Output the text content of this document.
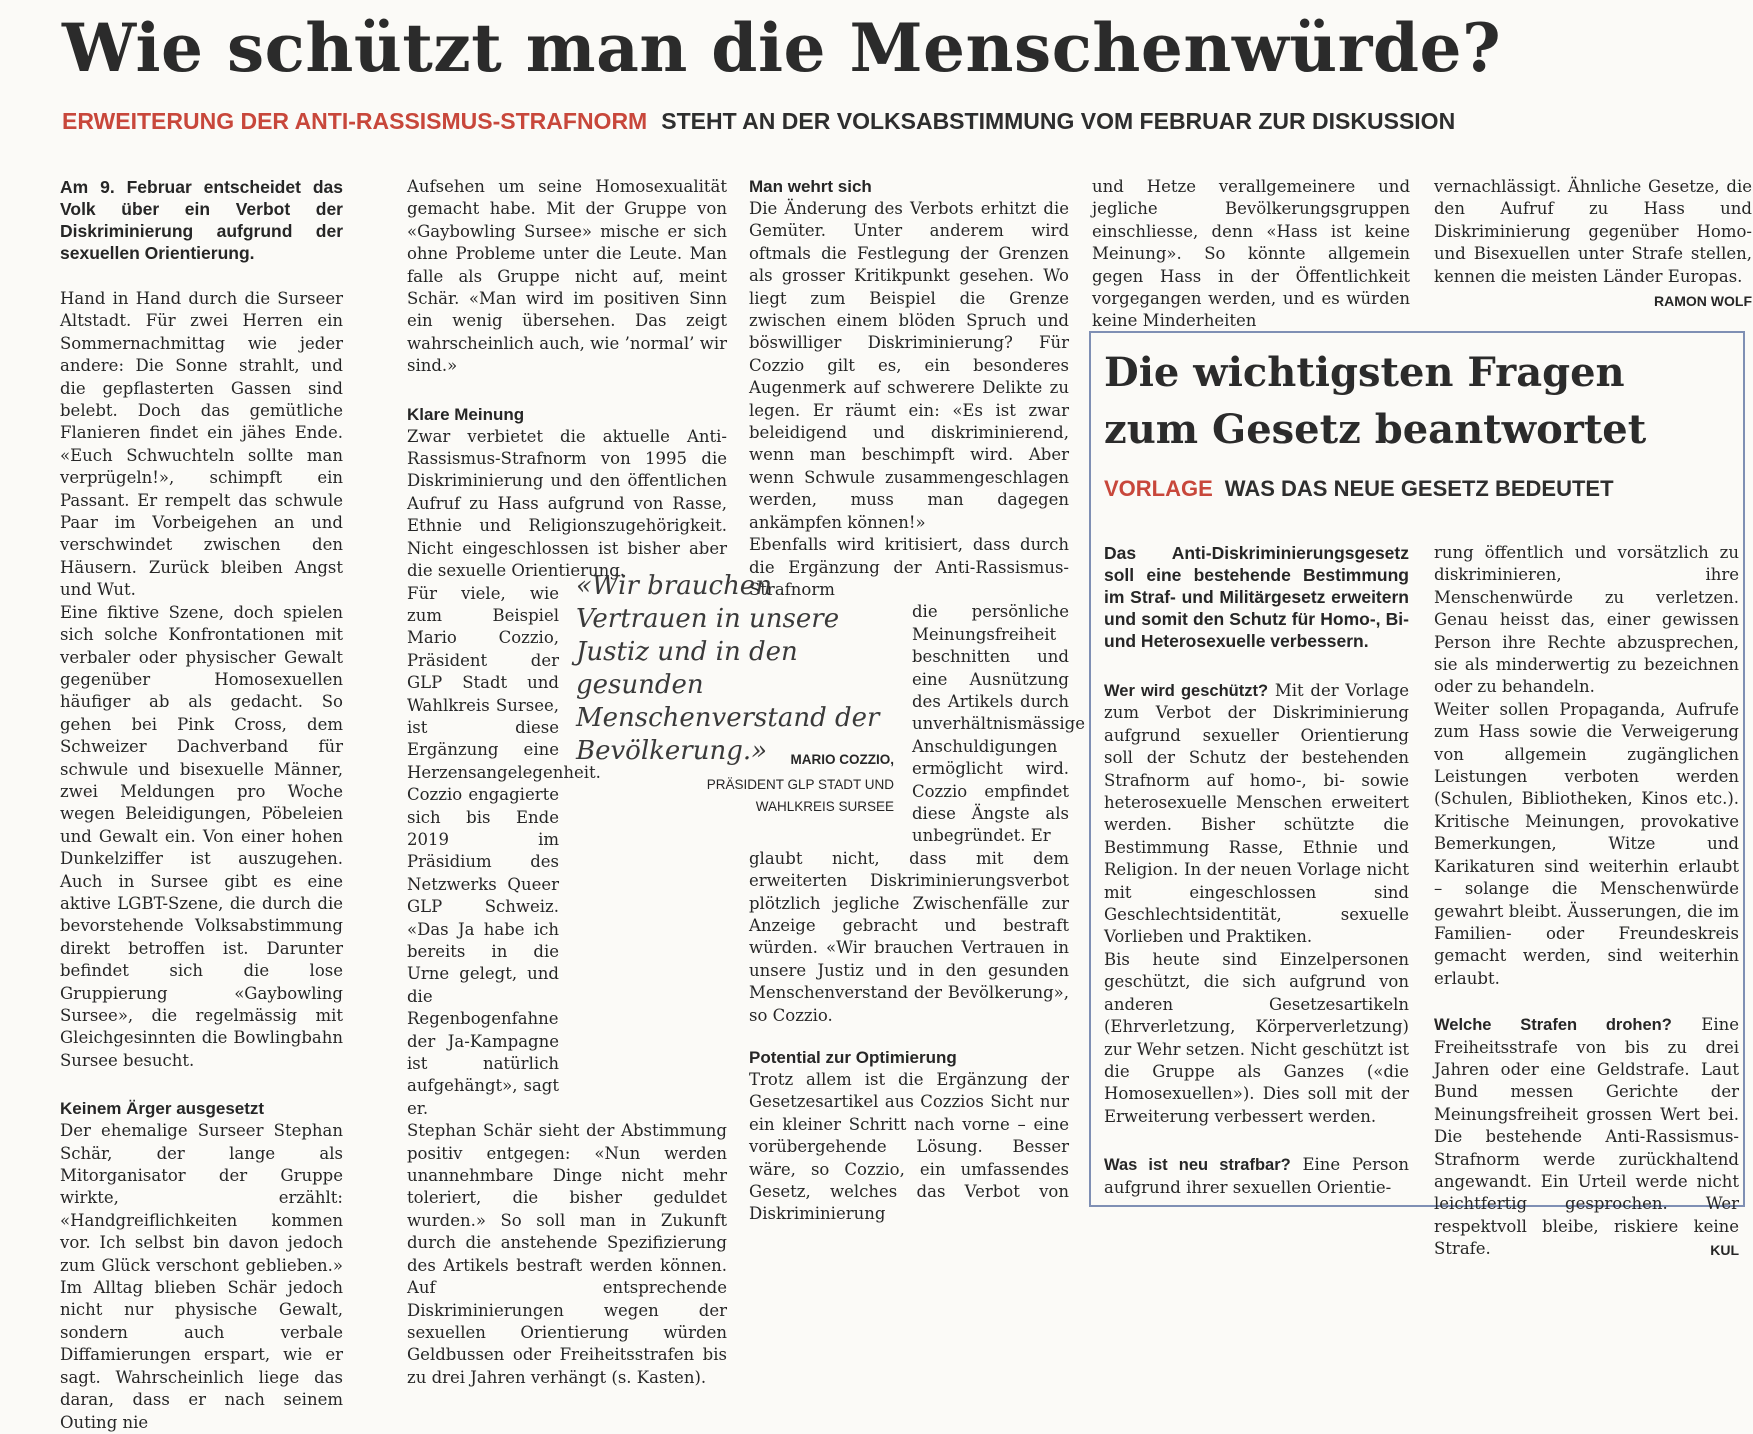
Wie schützt man die Menschenwürde?
ERWEITERUNG DER ANTI-RASSISMUS-STRAFNORM STEHT AN DER VOLKSABSTIMMUNG VOM FEBRUAR ZUR DISKUSSION

Am 9. Februar entscheidet das Volk über ein Verbot der Diskriminierung aufgrund der sexuellen Orientierung.

Hand in Hand durch die Surseer Altstadt. Für zwei Herren ein Sommernachmittag wie jeder andere: Die Sonne strahlt, und die gepflasterten Gassen sind belebt. Doch das gemütliche Flanieren findet ein jähes Ende. «Euch Schwuchteln sollte man verprügeln!», schimpft ein Passant. Er rempelt das schwule Paar im Vorbeigehen an und verschwindet zwischen den Häusern. Zurück bleiben Angst und Wut.

Eine fiktive Szene, doch spielen sich solche Konfrontationen mit verbaler oder physischer Gewalt gegenüber Homosexuellen häufiger ab als gedacht. So gehen bei Pink Cross, dem Schweizer Dachverband für schwule und bisexuelle Männer, zwei Meldungen pro Woche wegen Beleidigungen, Pöbeleien und Gewalt ein. Von einer hohen Dunkelziffer ist auszugehen. Auch in Sursee gibt es eine aktive LGBT-Szene, die durch die bevorstehende Volksabstimmung direkt betroffen ist. Darunter befindet sich die lose Gruppierung «Gaybowling Sursee», die regelmässig mit Gleichgesinnten die Bowlingbahn Sursee besucht.

Keinem Ärger ausgesetzt

Der ehemalige Surseer Stephan Schär, der lange als Mitorganisator der Gruppe wirkte, erzählt: «Handgreiflichkeiten kommen vor. Ich selbst bin davon jedoch zum Glück verschont geblieben.» Im Alltag blieben Schär jedoch nicht nur physische Gewalt, sondern auch verbale Diffamierungen erspart, wie er sagt. Wahrscheinlich liege das daran, dass er nach seinem Outing nie

Aufsehen um seine Homosexualität gemacht habe. Mit der Gruppe von «Gaybowling Sursee» mische er sich ohne Probleme unter die Leute. Man falle als Gruppe nicht auf, meint Schär. «Man wird im positiven Sinn ein wenig übersehen. Das zeigt wahrscheinlich auch, wie ’normal’ wir sind.»

Klare Meinung

Zwar verbietet die aktuelle Anti-Rassismus-Strafnorm von 1995 die Diskriminierung und den öffentlichen Aufruf zu Hass aufgrund von Rasse, Ethnie und Religionszugehörigkeit. Nicht eingeschlossen ist bisher aber die sexuelle Orientierung.

Für viele, wie zum Beispiel Mario Cozzio, Präsident der GLP Stadt und Wahlkreis Sursee, ist diese Ergänzung eine Herzensangelegenheit. Cozzio engagierte sich bis Ende 2019 im Präsidium des Netzwerks Queer GLP Schweiz. «Das Ja habe ich bereits in die Urne gelegt, und die Regenbogenfahne der Ja-Kampagne ist natürlich aufgehängt», sagt er.

Stephan Schär sieht der Abstimmung positiv entgegen: «Nun werden unannehmbare Dinge nicht mehr toleriert, die bisher geduldet wurden.» So soll man in Zukunft durch die anstehende Spezifizierung des Artikels bestraft werden können. Auf entsprechende Diskriminierungen wegen der sexuellen Orientierung würden Geldbussen oder Freiheitsstrafen bis zu drei Jahren verhängt (s. Kasten).

Man wehrt sich

Die Änderung des Verbots erhitzt die Gemüter. Unter anderem wird oftmals die Festlegung der Grenzen als grosser Kritikpunkt gesehen. Wo liegt zum Beispiel die Grenze zwischen einem blöden Spruch und böswilliger Diskriminierung? Für Cozzio gilt es, ein besonderes Augenmerk auf schwerere Delikte zu legen. Er räumt ein: «Es ist zwar beleidigend und diskriminierend, wenn man beschimpft wird. Aber wenn Schwule zusammengeschlagen werden, muss man dagegen ankämpfen können!»

Ebenfalls wird kritisiert, dass durch die Ergänzung der Anti-Rassismus-Strafnorm

die persönliche Meinungsfreiheit beschnitten und eine Ausnützung des Artikels durch unverhältnismässige Anschuldigungen ermöglicht wird. Cozzio empfindet diese Ängste als unbegründet. Er

glaubt nicht, dass mit dem erweiterten Diskriminierungsverbot plötzlich jegliche Zwischenfälle zur Anzeige gebracht und bestraft würden. «Wir brauchen Vertrauen in unsere Justiz und in den gesunden Menschenverstand der Bevölkerung», so Cozzio.

Potential zur Optimierung

Trotz allem ist die Ergänzung der Gesetzesartikel aus Cozzios Sicht nur ein kleiner Schritt nach vorne – eine vorübergehende Lösung. Besser wäre, so Cozzio, ein umfassendes Gesetz, welches das Verbot von Diskriminierung

und Hetze verallgemeinere und jegliche Bevölkerungsgruppen einschliesse, denn «Hass ist keine Meinung». So könnte allgemein gegen Hass in der Öffentlichkeit vorgegangen werden, und es würden keine Minderheiten

vernachlässigt. Ähnliche Gesetze, die den Aufruf zu Hass und Diskriminierung gegenüber Homo- und Bisexuellen unter Strafe stellen, kennen die meisten Länder Europas.

RAMON WOLF

«Wir brauchen Vertrauen in unsere Justiz und in den gesunden Menschenverstand der Bevölkerung.»	MARIO COZZIO,
PRÄSIDENT GLP STADT UND
WAHLKREIS SURSEE
Die wichtigsten Fragen
zum Gesetz beantwortet
VORLAGE WAS DAS NEUE GESETZ BEDEUTET

Das Anti-Diskriminierungsgesetz soll eine bestehende Bestimmung im Straf- und Militärgesetz erweitern und somit den Schutz für Homo-, Bi- und Heterosexuelle verbessern.

Wer wird geschützt? Mit der Vorlage zum Verbot der Diskriminierung aufgrund sexueller Orientierung soll der Schutz der bestehenden Strafnorm auf homo-, bi- sowie heterosexuelle Menschen erweitert werden. Bisher schützte die Bestimmung Rasse, Ethnie und Religion. In der neuen Vorlage nicht mit eingeschlossen sind Geschlechtsidentität, sexuelle Vorlieben und Praktiken.

Bis heute sind Einzelpersonen geschützt, die sich aufgrund von anderen Gesetzesartikeln (Ehrverletzung, Körperverletzung) zur Wehr setzen. Nicht geschützt ist die Gruppe als Ganzes («die Homosexuellen»). Dies soll mit der Erweiterung verbessert werden.

Was ist neu strafbar? Eine Person aufgrund ihrer sexuellen Orientie-

rung öffentlich und vorsätzlich zu diskriminieren, ihre Menschenwürde zu verletzen. Genau heisst das, einer gewissen Person ihre Rechte abzusprechen, sie als minderwertig zu bezeichnen oder zu behandeln.

Weiter sollen Propaganda, Aufrufe zum Hass sowie die Verweigerung von allgemein zugänglichen Leistungen verboten werden (Schulen, Bibliotheken, Kinos etc.). Kritische Meinungen, provokative Bemerkungen, Witze und Karikaturen sind weiterhin erlaubt – solange die Menschenwürde gewahrt bleibt. Äusserungen, die im Familien- oder Freundeskreis gemacht werden, sind weiterhin erlaubt.

Welche Strafen drohen? Eine Freiheitsstrafe von bis zu drei Jahren oder eine Geldstrafe. Laut Bund messen Gerichte der Meinungsfreiheit grossen Wert bei. Die bestehende Anti-Rassismus-Strafnorm werde zurückhaltend angewandt. Ein Urteil werde nicht leichtfertig gesprochen. Wer respektvoll bleibe, riskiere keine Strafe.	KUL
